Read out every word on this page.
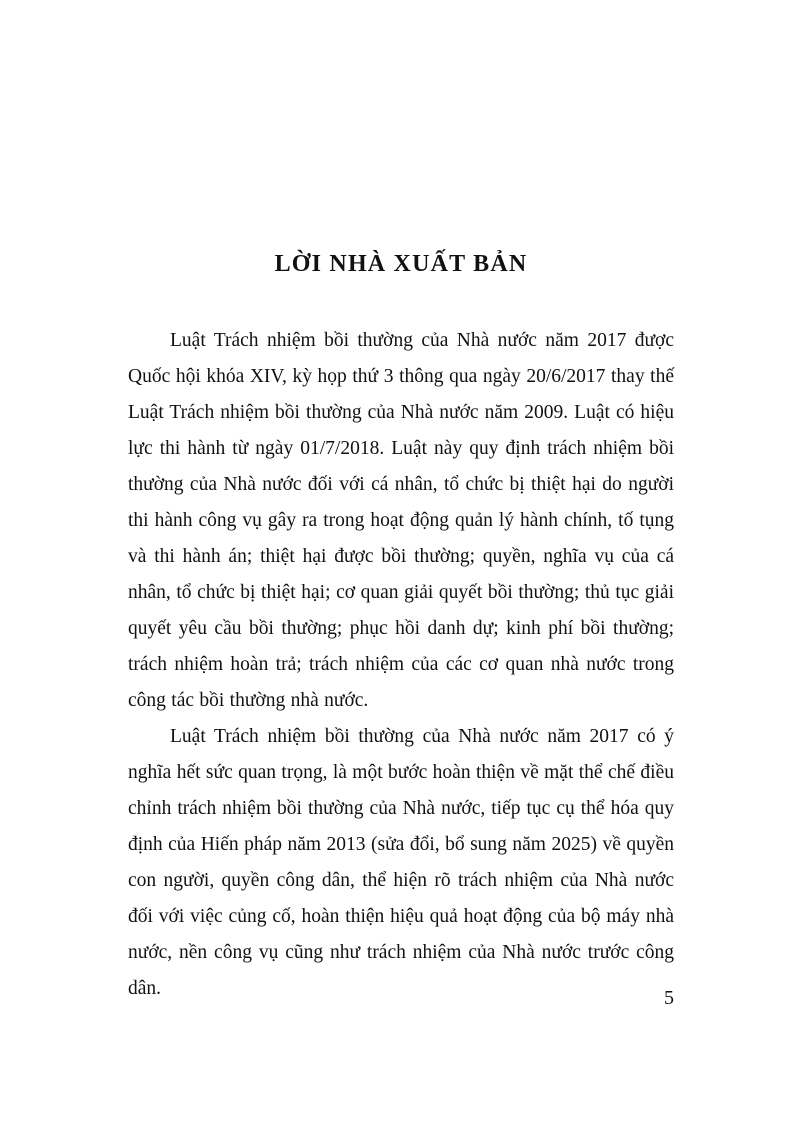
LỜI NHÀ XUẤT BẢN

Luật Trách nhiệm bồi thường của Nhà nước năm 2017 được Quốc hội khóa XIV, kỳ họp thứ 3 thông qua ngày 20/6/2017 thay thế Luật Trách nhiệm bồi thường của Nhà nước năm 2009. Luật có hiệu lực thi hành từ ngày 01/7/2018. Luật này quy định trách nhiệm bồi thường của Nhà nước đối với cá nhân, tổ chức bị thiệt hại do người thi hành công vụ gây ra trong hoạt động quản lý hành chính, tố tụng và thi hành án; thiệt hại được bồi thường; quyền, nghĩa vụ của cá nhân, tổ chức bị thiệt hại; cơ quan giải quyết bồi thường; thủ tục giải quyết yêu cầu bồi thường; phục hồi danh dự; kinh phí bồi thường; trách nhiệm hoàn trả; trách nhiệm của các cơ quan nhà nước trong công tác bồi thường nhà nước.

Luật Trách nhiệm bồi thường của Nhà nước năm 2017 có ý nghĩa hết sức quan trọng, là một bước hoàn thiện về mặt thể chế điều chỉnh trách nhiệm bồi thường của Nhà nước, tiếp tục cụ thể hóa quy định của Hiến pháp năm 2013 (sửa đổi, bổ sung năm 2025) về quyền con người, quyền công dân, thể hiện rõ trách nhiệm của Nhà nước đối với việc củng cố, hoàn thiện hiệu quả hoạt động của bộ máy nhà nước, nền công vụ cũng như trách nhiệm của Nhà nước trước công dân.	5
